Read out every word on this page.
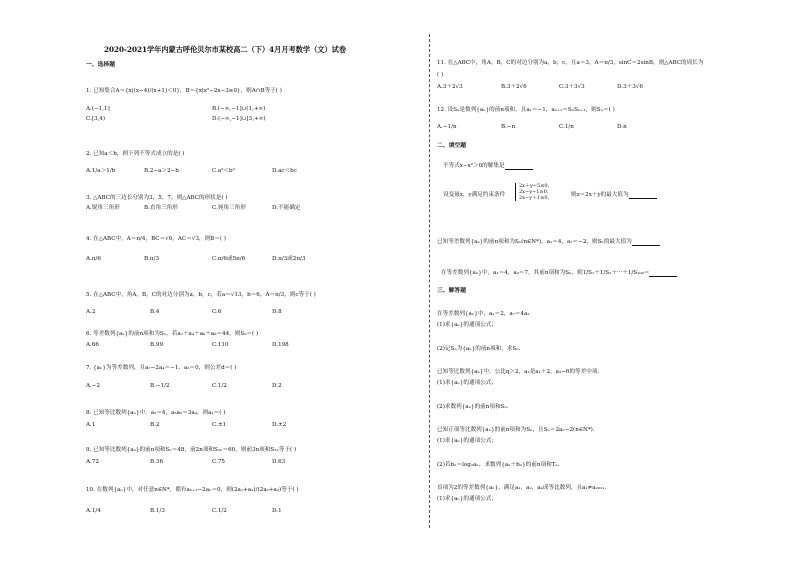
2020-2021学年内蒙古呼伦贝尔市某校高二（下）4月月考数学（文）试卷
一、选择题
1. 已知集合A＝{x|(x−4)/(x+1)＜0}，B＝{x|x²−2x−3≥0}，则A∩B等于( )
A.(−1,1]	B.(−∞,−1]∪(1,+∞)
C.[3,4)	D.(−∞,−1]∪[3,+∞)
2. 已知a＜b，则下列不等式成立的是( )
A.1/a＞1/b	B.2−a＞2−b	C.a²＜b²	D.ac＜bc
3. △ABC的三边长分别为3，5，7，则△ABC的形状是( )
A.锐角三角形	B.直角三角形	C.钝角三角形	D.不能确定
4. 在△ABC中，A＝π/4，BC＝√6，AC＝√3，则B＝( )
A.π/6	B.π/3	C.π/6或5π/6	D.π/3或2π/3
5. 在△ABC中，角A，B，C的对边分别为a，b，c，若a＝√13，b＝6，A＝π/3，则c等于( )
A.2	B.4	C.6	D.8
6. 等差数列{aₙ}的前n项和为Sₙ，若a₂＋a₄＋a₆＋a₈＝44，则S₉＝( )
A.66	B.99	C.110	D.198
7. {aₙ}为等差数列，且a₇−2a₄＝−1，a₃＝0，则公差d＝( )
A.−2	B.−1/2	C.1/2	D.2
8. 已知等比数列{aₙ}中，a₃＝4，a₃a₅＝3a₄，则a₁＝( )
A.1	B.2	C.±1	D.±2
9. 已知等比数列{aₙ}的前n项和Sₙ＝48，前2n项和S₂ₙ＝60，则前3n项和S₃ₙ等于( )
A.72	B.36	C.75	D.63
10. 在数列{aₙ}中，对任意n∈N*，都有aₙ₊₁−2aₙ＝0，则(2a₁+a₂)/(2a₃+a₄)等于( )
A.1/4	B.1/3	C.1/2	D.1
11. 在△ABC中，角A，B，C的对边分别为a，b，c，且a＝3，A＝π/3，sinC＝2sinB，则△ABC的周长为
( )
A.3＋2√3	B.3＋2√6	C.3＋3√3	D.3＋3√6
12. 设Sₙ是数列{aₙ}的前n项和，且a₁＝−1，aₙ₊₁＝SₙSₙ₊₁，则Sₙ＝( )
A.−1/n	B.−n	C.1/n	D.n
二、填空题
不等式x−x²＞0的解集是
设变量x，y满足约束条件
2x＋y−5≤0，
2x−y−1≥0，
2x−y＋1≥0，	则z＝2x＋y的最大值为
已知等差数列{aₙ}的前n项和为Sₙ(n∈N*)，a₁＝4，a₇＝−2，则Sₙ的最大值为
在等差数列{aₙ}中，a₁＝4，a₃＝7，其前n项和为Sₙ，则1/S₁＋1/S₂＋···＋1/S₁₀₀＝
三、解答题
在等差数列{aₙ}中，a₁＝2，a₇＝4a₂
(1)求{aₙ}的通项公式；
(2)记Sₙ为{aₙ}的前n项和，求Sₙ.
已知等比数列{aₙ}中，公比q＞2，a₂是a₁＋2，a₃−6的等差中项．
(1)求{aₙ}的通项公式；
(2)求数列{aₙ}的前n项和Sₙ.
已知正项等比数列{aₙ}的前n项和为Sₙ，且Sₙ＝2aₙ−2(n∈N*)．
(1)求{aₙ}的通项公式；
(2)若bₙ＝log₂aₙ，求数列{aₙ＋bₙ}的前n项和Tₙ.
首项为2的等差数列{aₙ}，满足a₁，a₂，a₄成等比数列，且a₁≠a₂₀₂₁．
(1)求{aₙ}的通项公式；
